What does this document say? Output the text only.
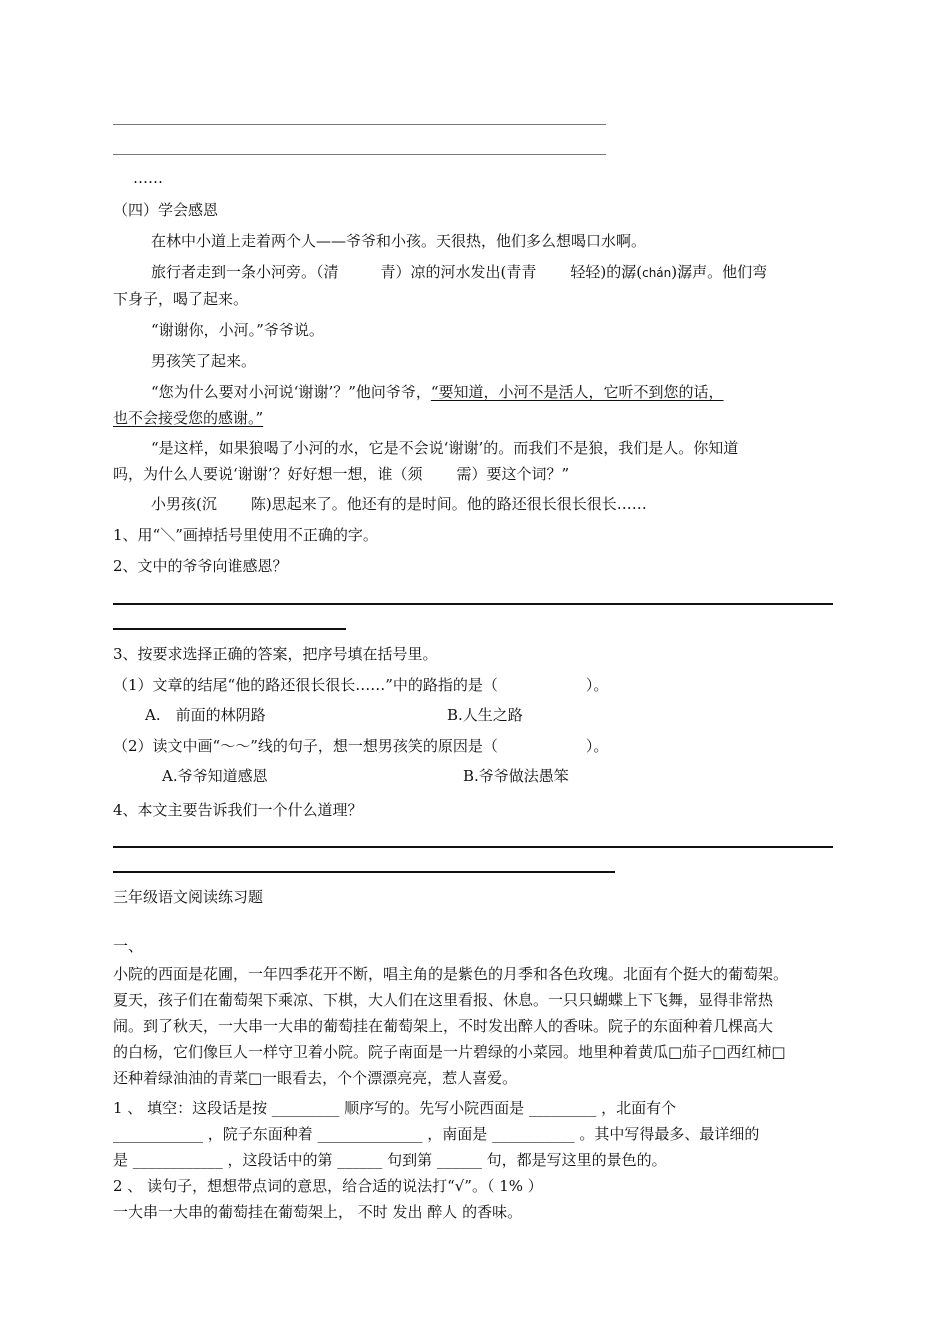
……
（四）学会感恩
在林中小道上走着两个人——爷爷和小孩。天很热，他们多么想喝口水啊。
旅行者走到一条小河旁。（清	青）凉的河水发出(青青 轻轻)的潺(chán)潺声。他们弯
下身子，喝了起来。
“谢谢你，小河。”爷爷说。
男孩笑了起来。
“您为什么要对小河说‘谢谢’？”他问爷爷，“要知道，小河不是活人，它听不到您的话，
也不会接受您的感谢。”
“是这样，如果狼喝了小河的水，它是不会说‘谢谢’的。而我们不是狼，我们是人。你知道
吗，为什么人要说‘谢谢’？好好想一想，谁（须 需）要这个词？”
小男孩(沉 陈)思起来了。他还有的是时间。他的路还很长很长很长……
1、用“＼”画掉括号里使用不正确的字。
2、文中的爷爷向谁感恩？
3、按要求选择正确的答案，把序号填在括号里。
（1）文章的结尾“他的路还很长很长……”中的路指的是（	）。
A.　前面的林阴路	B.人生之路
（2）读文中画“～～”线的句子，想一想男孩笑的原因是（	）。
A.爷爷知道感恩	B.爷爷做法愚笨
4、本文主要告诉我们一个什么道理？
三年级语文阅读练习题
一、
小院的西面是花圃，一年四季花开不断，唱主角的是紫色的月季和各色玫瑰。北面有个挺大的葡萄架。
夏天，孩子们在葡萄架下乘凉、下棋，大人们在这里看报、休息。一只只蝴蝶上下飞舞，显得非常热
闹。到了秋天，一大串一大串的葡萄挂在葡萄架上，不时发出醉人的香味。院子的东面种着几棵高大
的白杨，它们像巨人一样守卫着小院。院子南面是一片碧绿的小菜园。地里种着黄瓜□茄子□西红柿□
还种着绿油油的青菜□一眼看去，个个漂漂亮亮，惹人喜爱。
1 、 填空：这段话是按 _________ 顺序写的。先写小院西面是 _________ ，北面有个
____________ ，院子东面种着 ______________ ，南面是 ___________ 。其中写得最多、最详细的
是 ____________ ，这段话中的第 ______ 句到第 ______ 句，都是写这里的景色的。
2 、 读句子，想想带点词的意思，给合适的说法打“√”。（ 1% ）
一大串一大串的葡萄挂在葡萄架上， 不时 发出 醉人 的香味。
